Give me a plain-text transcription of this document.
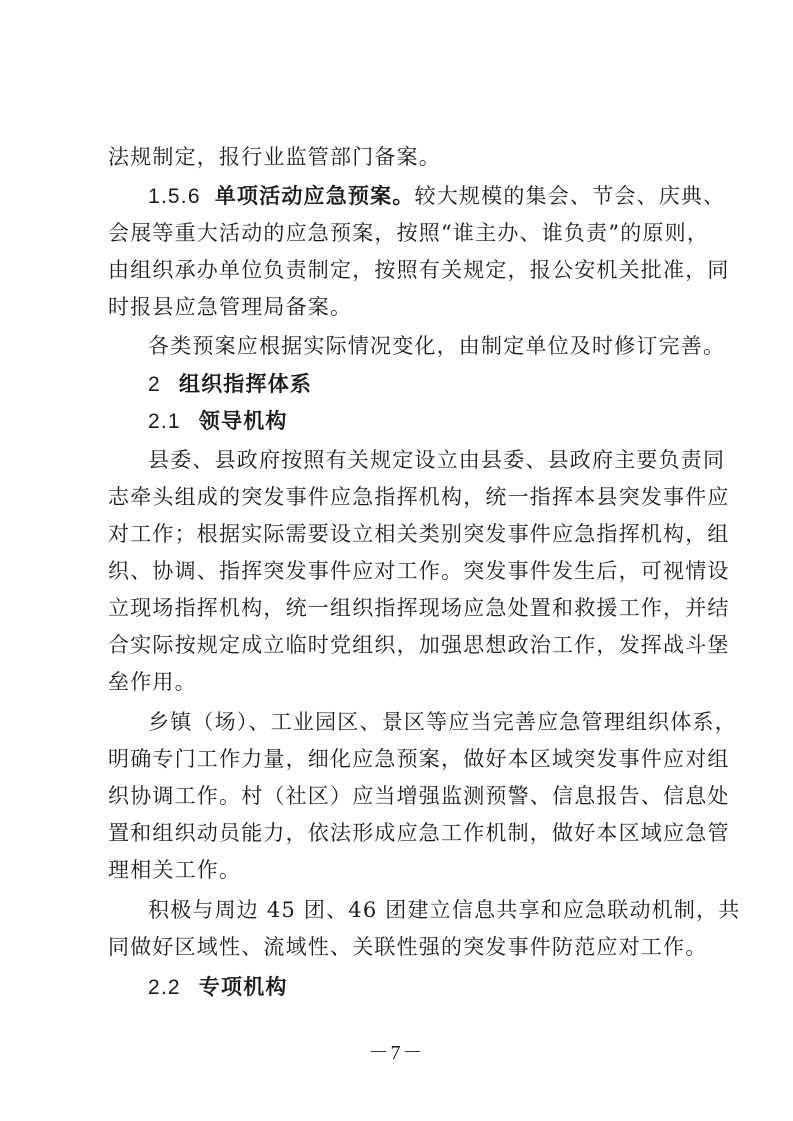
法规制定，报行业监管部门备案。
1.5.6 单项活动应急预案。较大规模的集会、节会、庆典、
会展等重大活动的应急预案，按照“谁主办、谁负责”的原则，
由组织承办单位负责制定，按照有关规定，报公安机关批准，同
时报县应急管理局备案。
各类预案应根据实际情况变化，由制定单位及时修订完善。
2 组织指挥体系
2.1 领导机构
县委、县政府按照有关规定设立由县委、县政府主要负责同
志牵头组成的突发事件应急指挥机构，统一指挥本县突发事件应
对工作；根据实际需要设立相关类别突发事件应急指挥机构，组
织、协调、指挥突发事件应对工作。突发事件发生后，可视情设
立现场指挥机构，统一组织指挥现场应急处置和救援工作，并结
合实际按规定成立临时党组织，加强思想政治工作，发挥战斗堡
垒作用。
乡镇（场）、工业园区、景区等应当完善应急管理组织体系，
明确专门工作力量，细化应急预案，做好本区域突发事件应对组
织协调工作。村（社区）应当增强监测预警、信息报告、信息处
置和组织动员能力，依法形成应急工作机制，做好本区域应急管
理相关工作。
积极与周边 45 团、46 团建立信息共享和应急联动机制，共
同做好区域性、流域性、关联性强的突发事件防范应对工作。
2.2 专项机构
－7－
